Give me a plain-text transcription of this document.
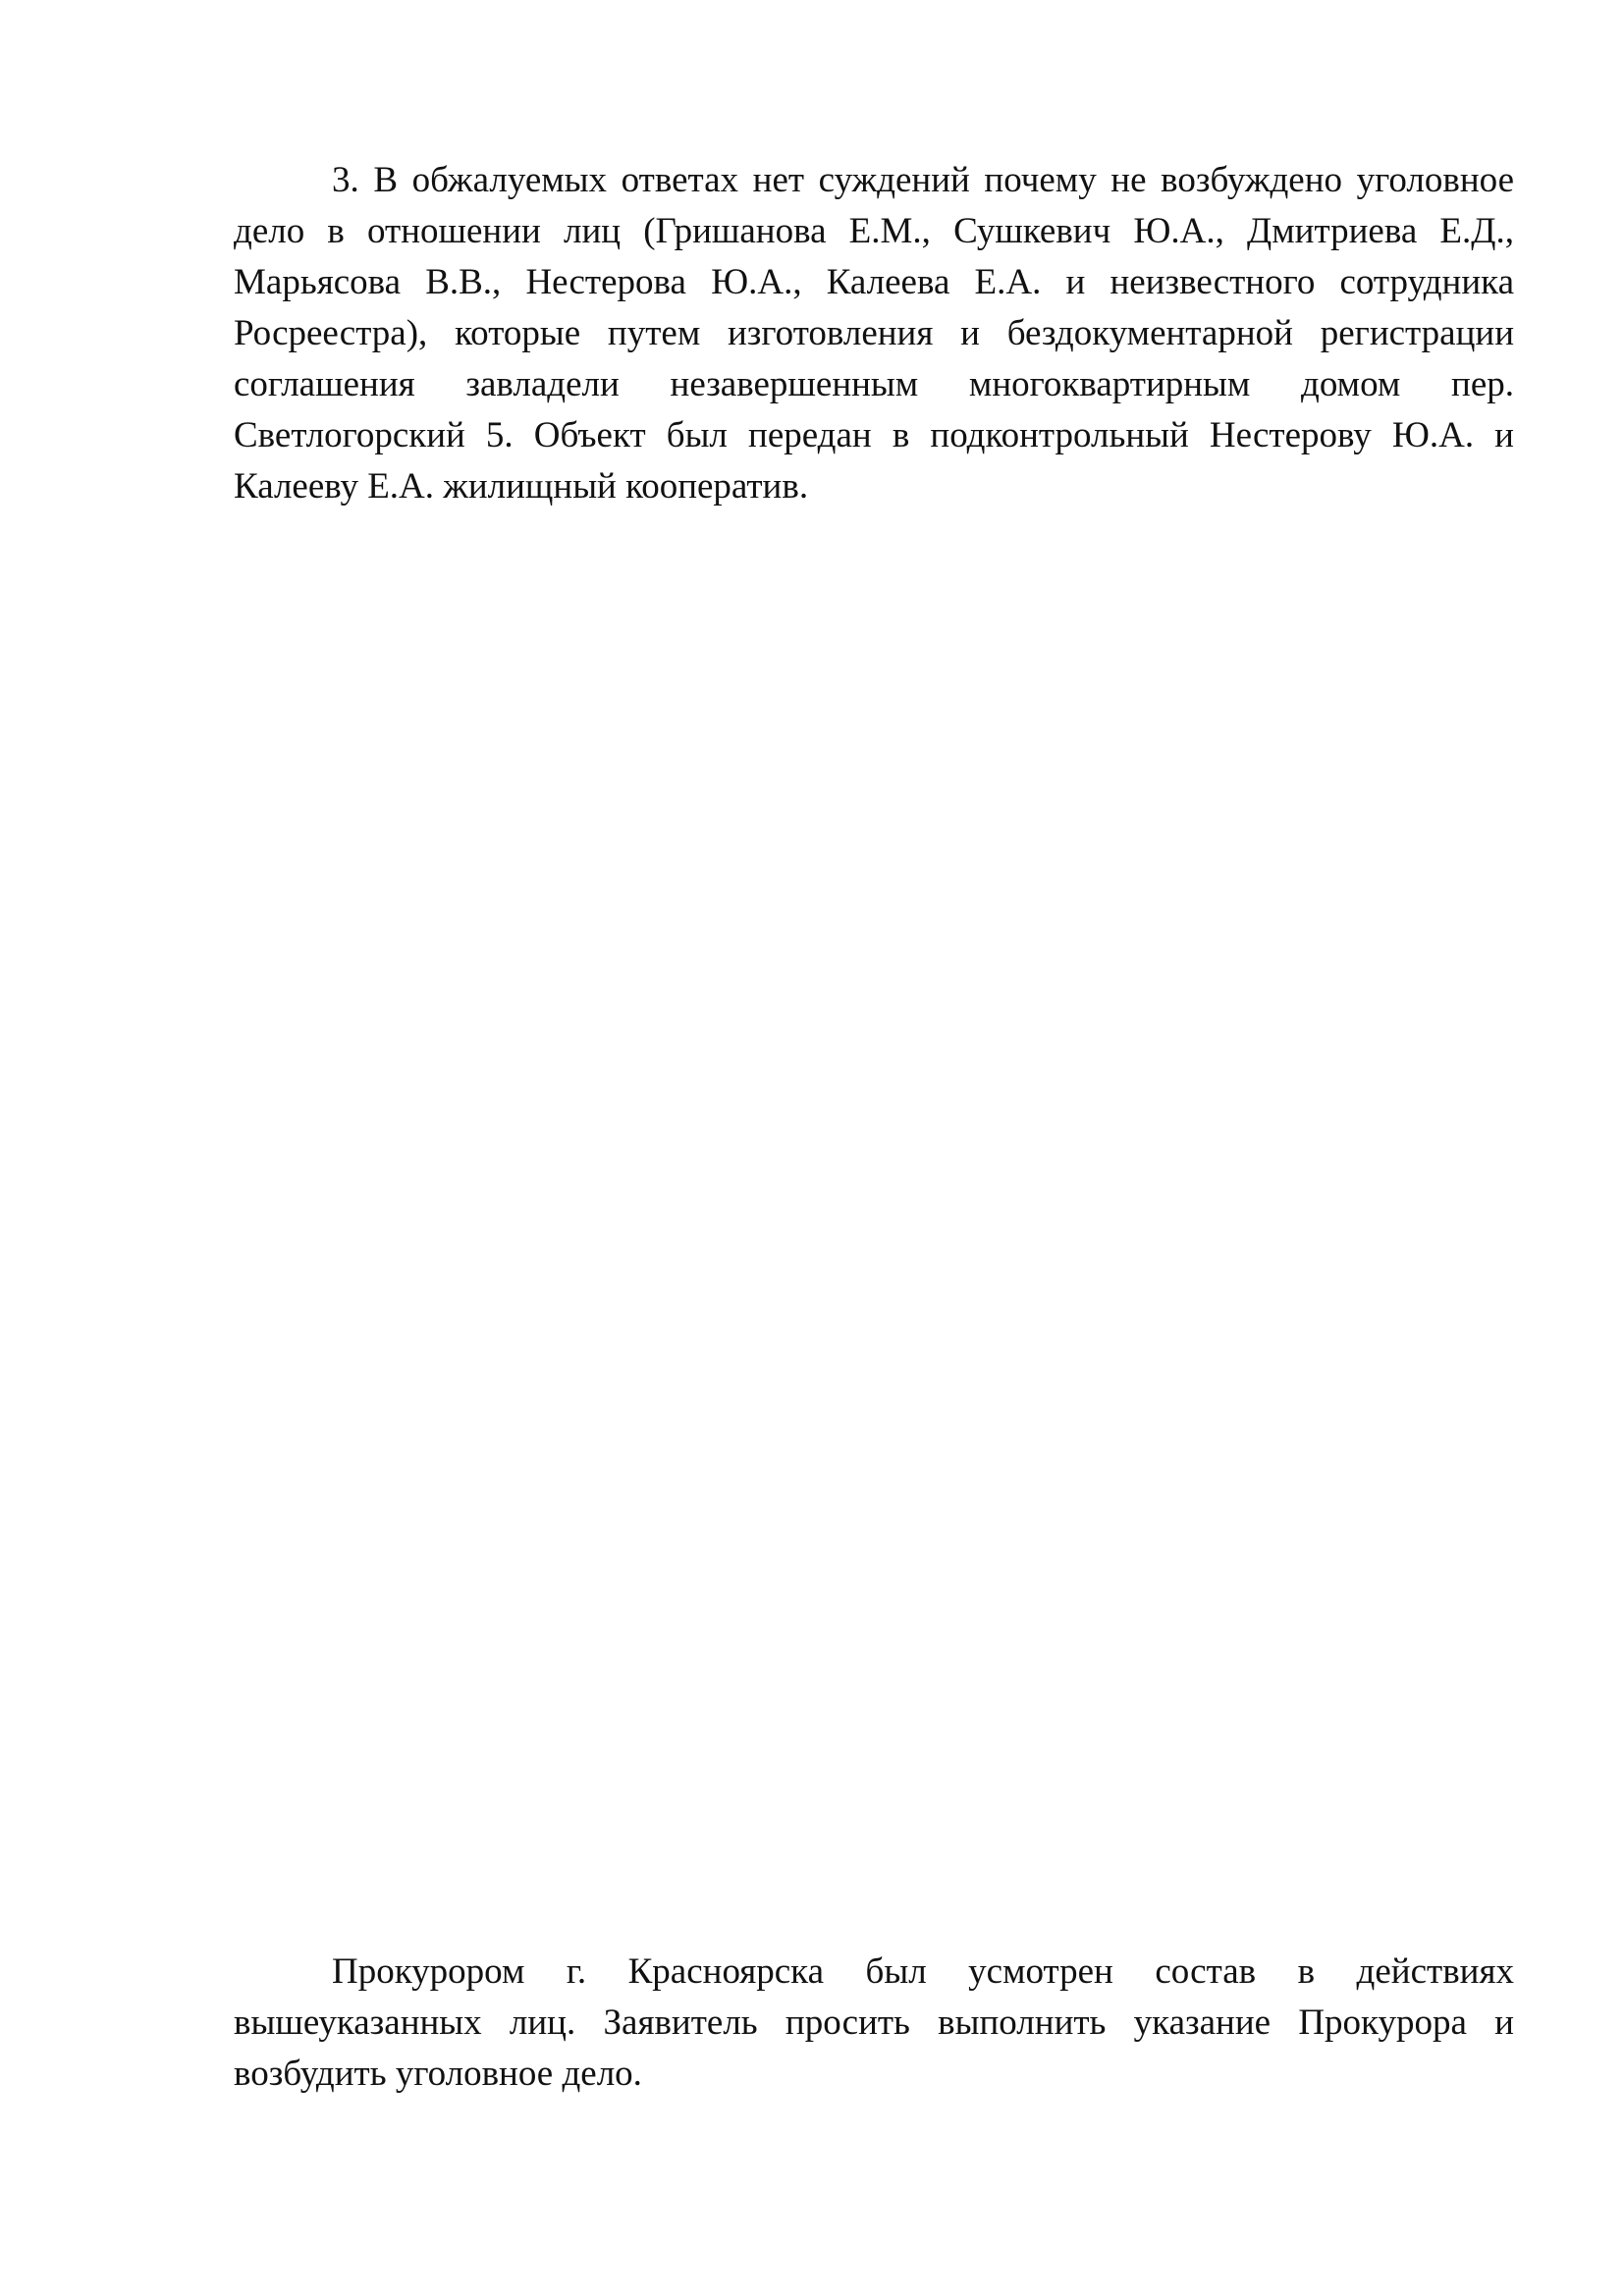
3. В обжалуемых ответах нет суждений почему не возбуждено уголовное дело в отношении лиц (Гришанова Е.М., Сушкевич Ю.А., Дмитриева Е.Д., Марьясова В.В., Нестерова Ю.А., Калеева Е.А. и неизвестного сотрудника Росреестра), которые путем изготовления и бездокументарной регистрации соглашения завладели незавершенным многоквартирным домом пер. Светлогорский 5. Объект был передан в подконтрольный Нестерову Ю.А. и Калееву Е.А. жилищный кооператив.

Прокурором г. Красноярска был усмотрен состав в действиях вышеуказанных лиц. Заявитель просить выполнить указание Прокурора и возбудить уголовное дело.
